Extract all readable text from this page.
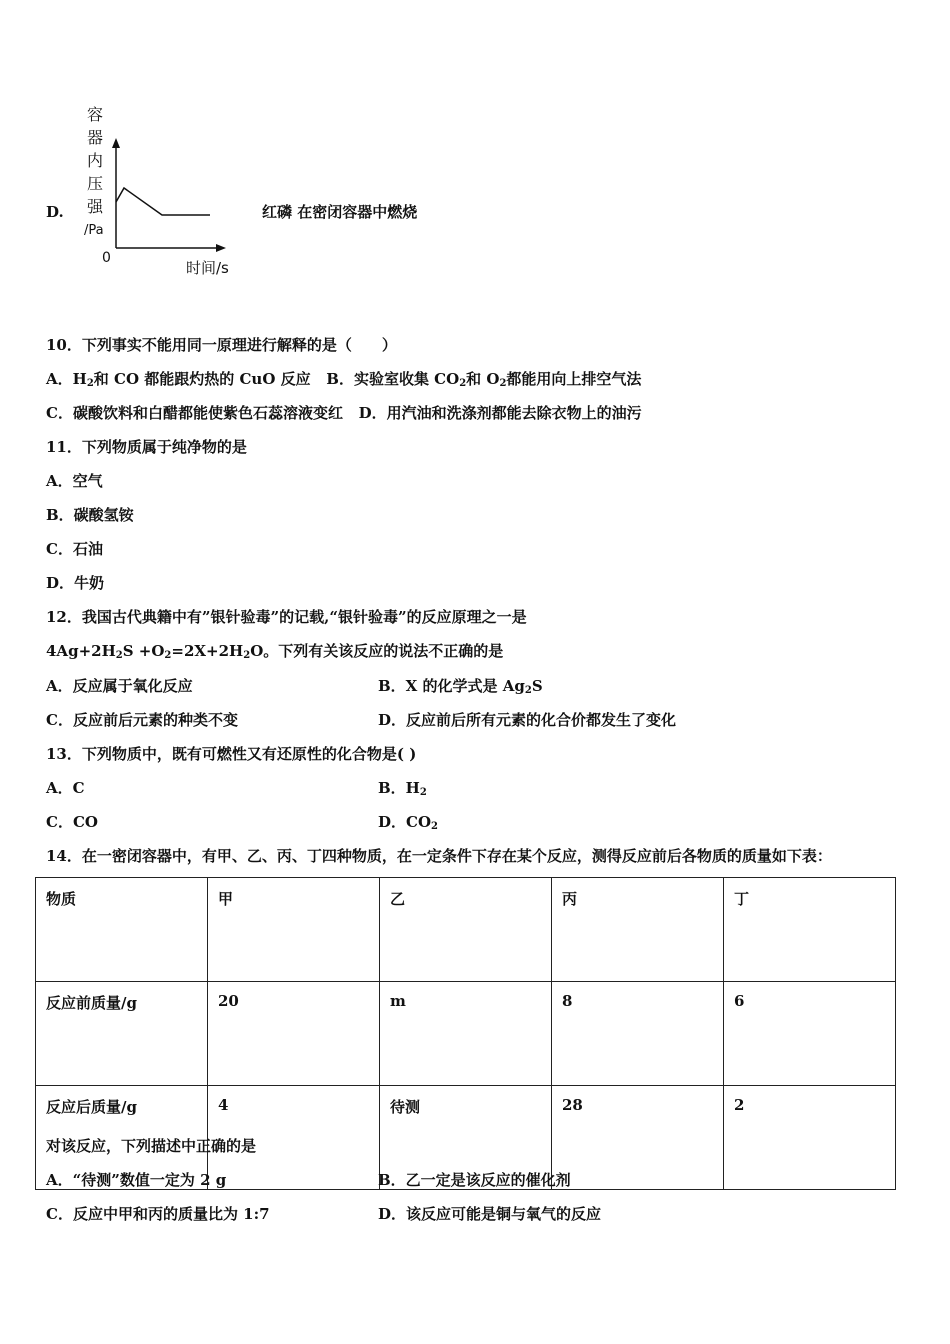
D.
容
器
内
压
强
/Pa
0
时间/s
红磷 在密闭容器中燃烧
10．下列事实不能用同一原理进行解释的是（　　）
A．$H_2$和 CO 都能跟灼热的 CuO 反应 B．实验室收集 $CO_2$和 $O_2$都能用向上排空气法
C．碳酸饮料和白醋都能使紫色石蕊溶液变红 D．用汽油和洗涤剂都能去除衣物上的油污
11．下列物质属于纯净物的是
A．空气
B．碳酸氢铵
C．石油
D．牛奶
12．我国古代典籍中有”银针验毒”的记载,“银针验毒”的反应原理之一是
$4Ag+2H_2S +O_2=2X+2H_2O$。下列有关该反应的说法不正确的是
A．反应属于氧化反应	B．X 的化学式是 $Ag_2S$
C．反应前后元素的种类不变	D．反应前后所有元素的化合价都发生了变化
13．下列物质中，既有可燃性又有还原性的化合物是( )
A．C	B．$H_2$
C．CO	D．$CO_2$
14．在一密闭容器中，有甲、乙、丙、丁四种物质，在一定条件下存在某个反应，测得反应前后各物质的质量如下表：
物质	甲	乙	丙	丁
反应前质量/g	20	m	8	6
反应后质量/g	4	待测	28	2
对该反应，下列描述中正确的是
A．“待测”数值一定为 2 g	B．乙一定是该反应的催化剂
C．反应中甲和丙的质量比为 1:7	D．该反应可能是铜与氧气的反应
